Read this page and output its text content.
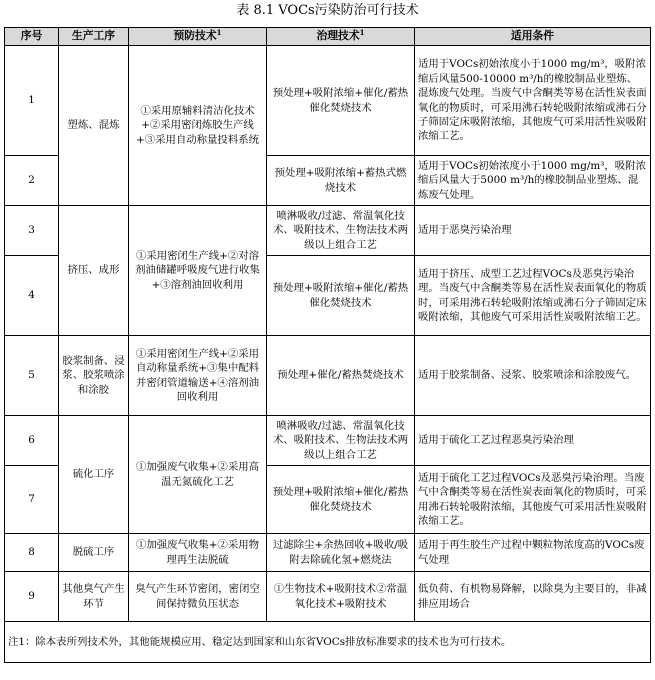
表 8.1 VOCs污染防治可行技术
序号	生产工序	预防技术$^1$	治理技术$^1$	适用条件
1	塑炼、混炼	①采用原辅料清洁化技术+②采用密闭炼胶生产线+③采用自动称量投料系统	预处理+吸附浓缩+催化/蓄热催化焚烧技术	适用于VOCs初始浓度小于1000 mg/m³，吸附浓缩后风量500-10000 m³/h的橡胶制品业塑炼、混炼废气处理。当废气中含酮类等易在活性炭表面氧化的物质时，可采用沸石转轮吸附浓缩或沸石分子筛固定床吸附浓缩，其他废气可采用活性炭吸附浓缩工艺。
2			预处理+吸附浓缩+蓄热式燃烧技术	适用于VOCs初始浓度小于1000 mg/m³，吸附浓缩后风量大于5000 m³/h的橡胶制品业塑炼、混炼废气处理。
3	挤压、成形	①采用密闭生产线+②对溶剂油储罐呼吸废气进行收集+③溶剂油回收利用	喷淋吸收/过滤、常温氧化技术、吸附技术、生物法技术两级以上组合工艺	适用于恶臭污染治理
4			预处理+吸附浓缩+催化/蓄热催化焚烧技术	适用于挤压、成型工艺过程VOCs及恶臭污染治理。当废气中含酮类等易在活性炭表面氧化的物质时，可采用沸石转轮吸附浓缩或沸石分子筛固定床吸附浓缩，其他废气可采用活性炭吸附浓缩工艺。
5	胶浆制备、浸浆、胶浆喷涂和涂胶	①采用密闭生产线+②采用自动称量系统+③集中配料并密闭管道输送+④溶剂油回收利用	预处理+催化/蓄热焚烧技术	适用于胶浆制备、浸浆、胶浆喷涂和涂胶废气。
6	硫化工序	①加强废气收集+②采用高温无氮硫化工艺	喷淋吸收/过滤、常温氧化技术、吸附技术、生物法技术两级以上组合工艺	适用于硫化工艺过程恶臭污染治理
7			预处理+吸附浓缩+催化/蓄热催化焚烧技术	适用于硫化工艺过程VOCs及恶臭污染治理。当废气中含酮类等易在活性炭表面氧化的物质时，可采用沸石转轮吸附浓缩，其他废气可采用活性炭吸附浓缩工艺。
8	脱硫工序	①加强废气收集+②采用物理再生法脱硫	过滤除尘+余热回收+吸收/吸附去除硫化氢+燃烧法	适用于再生胶生产过程中颗粒物浓度高的VOCs废气处理
9	其他臭气产生环节	臭气产生环节密闭，密闭空间保持微负压状态	①生物技术+吸附技术②常温氧化技术+吸附技术	低负荷、有机物易降解，以除臭为主要目的，非减排应用场合
注1：除本表所列技术外，其他能规模应用、稳定达到国家和山东省VOCs排放标准要求的技术也为可行技术。				
